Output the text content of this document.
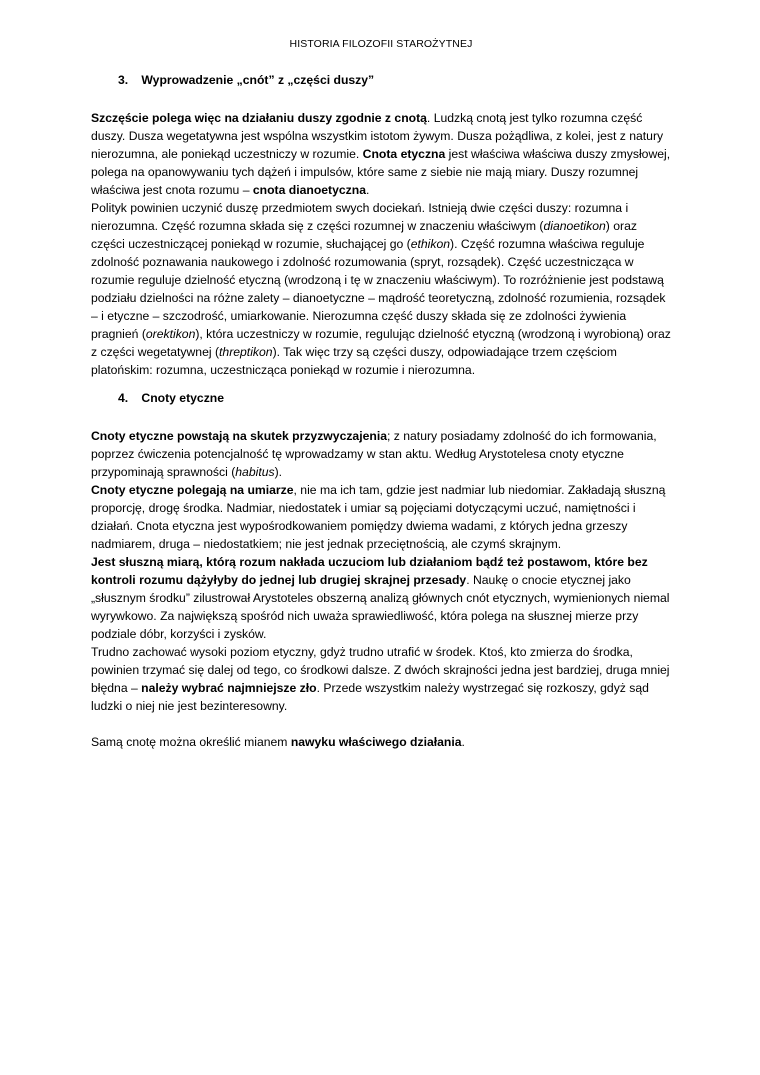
HISTORIA FILOZOFII STAROŻYTNEJ
3. Wyprowadzenie „cnót” z „części duszy”

Szczęście polega więc na działaniu duszy zgodnie z cnotą. Ludzką cnotą jest tylko rozumna część duszy. Dusza wegetatywna jest wspólna wszystkim istotom żywym. Dusza pożądliwa, z kolei, jest z natury nierozumna, ale poniekąd uczestniczy w rozumie. Cnota etyczna jest właściwa właściwa duszy zmysłowej, polega na opanowywaniu tych dążeń i impulsów, które same z siebie nie mają miary. Duszy rozumnej właściwa jest cnota rozumu – cnota dianoetyczna.

Polityk powinien uczynić duszę przedmiotem swych dociekań. Istnieją dwie części duszy: rozumna i nierozumna. Część rozumna składa się z części rozumnej w znaczeniu właściwym (dianoetikon) oraz części uczestniczącej poniekąd w rozumie, słuchającej go (ethikon). Część rozumna właściwa reguluje zdolność poznawania naukowego i zdolność rozumowania (spryt, rozsądek). Część uczestnicząca w rozumie reguluje dzielność etyczną (wrodzoną i tę w znaczeniu właściwym). To rozróżnienie jest podstawą podziału dzielności na różne zalety – dianoetyczne – mądrość teoretyczną, zdolność rozumienia, rozsądek – i etyczne – szczodrość, umiarkowanie. Nierozumna część duszy składa się ze zdolności żywienia pragnień (orektikon), która uczestniczy w rozumie, regulując dzielność etyczną (wrodzoną i wyrobioną) oraz z części wegetatywnej (threptikon). Tak więc trzy są części duszy, odpowiadające trzem częściom platońskim: rozumna, uczestnicząca poniekąd w rozumie i nierozumna.

4. Cnoty etyczne

Cnoty etyczne powstają na skutek przyzwyczajenia; z natury posiadamy zdolność do ich formowania, poprzez ćwiczenia potencjalność tę wprowadzamy w stan aktu. Według Arystotelesa cnoty etyczne przypominają sprawności (habitus).

Cnoty etyczne polegają na umiarze, nie ma ich tam, gdzie jest nadmiar lub niedomiar. Zakładają słuszną proporcję, drogę środka. Nadmiar, niedostatek i umiar są pojęciami dotyczącymi uczuć, namiętności i działań. Cnota etyczna jest wypośrodkowaniem pomiędzy dwiema wadami, z których jedna grzeszy nadmiarem, druga – niedostatkiem; nie jest jednak przeciętnością, ale czymś skrajnym.

Jest słuszną miarą, którą rozum nakłada uczuciom lub działaniom bądź też postawom, które bez kontroli rozumu dążyłyby do jednej lub drugiej skrajnej przesady. Naukę o cnocie etycznej jako „słusznym środku” zilustrował Arystoteles obszerną analizą głównych cnót etycznych, wymienionych niemal wyrywkowo. Za największą spośród nich uważa sprawiedliwość, która polega na słusznej mierze przy podziale dóbr, korzyści i zysków.

Trudno zachować wysoki poziom etyczny, gdyż trudno utrafić w środek. Ktoś, kto zmierza do środka, powinien trzymać się dalej od tego, co środkowi dalsze. Z dwóch skrajności jedna jest bardziej, druga mniej błędna – należy wybrać najmniejsze zło. Przede wszystkim należy wystrzegać się rozkoszy, gdyż sąd ludzki o niej nie jest bezinteresowny.

Samą cnotę można określić mianem nawyku właściwego działania.
